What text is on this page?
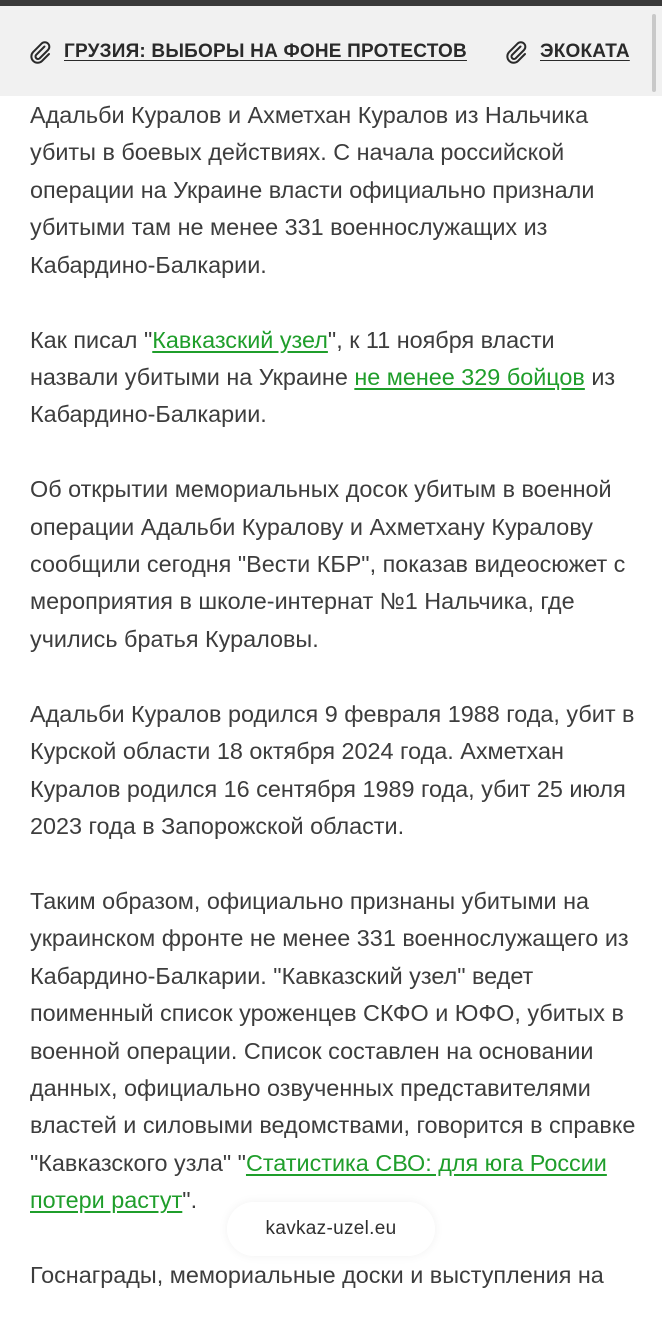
ГРУЗИЯ: ВЫБОРЫ НА ФОНЕ ПРОТЕСТОВ	ЭКОКАТА

Адальби Куралов и Ахметхан Куралов из Нальчика убиты в боевых действиях. С начала российской операции на Украине власти официально признали убитыми там не менее 331 военнослужащих из Кабардино-Балкарии.

Как писал "Кавказский узел", к 11 ноября власти назвали убитыми на Украине не менее 329 бойцов из Кабардино-Балкарии.

Об открытии мемориальных досок убитым в военной операции Адальби Куралову и Ахметхану Куралову сообщили сегодня "Вести КБР", показав видеосюжет с мероприятия в школе-интернат №1 Нальчика, где учились братья Кураловы.

Адальби Куралов родился 9 февраля 1988 года, убит в Курской области 18 октября 2024 года. Ахметхан Куралов родился 16 сентября 1989 года, убит 25 июля 2023 года в Запорожской области.

Таким образом, официально признаны убитыми на украинском фронте не менее 331 военнослужащего из Кабардино-Балкарии. "Кавказский узел" ведет поименный список уроженцев СКФО и ЮФО, убитых в военной операции. Список составлен на основании данных, официально озвученных представителями властей и силовыми ведомствами, говорится в справке "Кавказского узла" "Статистика СВО: для юга России потери растут".

Госнаграды, мемориальные доски и выступления на

kavkaz-uzel.eu
